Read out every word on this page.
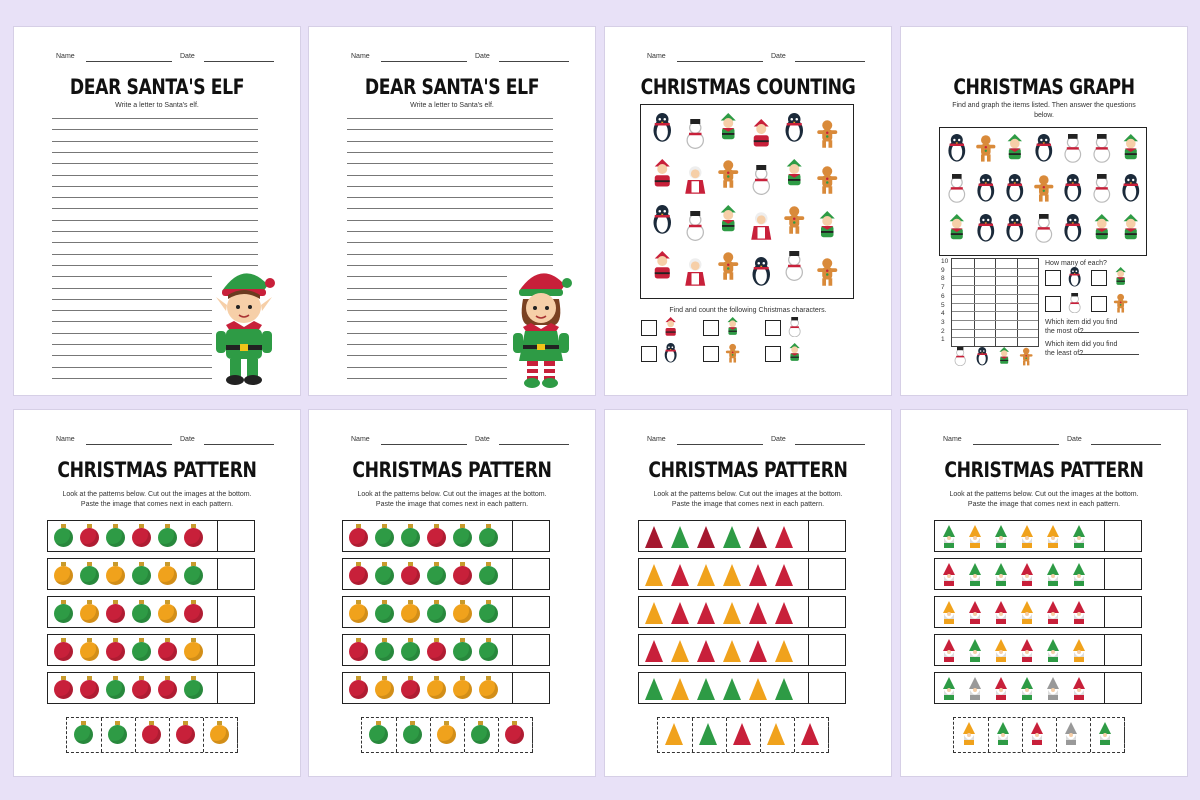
Name	Date
DEAR SANTA'S ELF
Write a letter to Santa's elf.
Name	Date
DEAR SANTA'S ELF
Write a letter to Santa's elf.
Name	Date
CHRISTMAS COUNTING
Find and count the following Christmas characters.
CHRISTMAS GRAPH
Find and graph the items listed. Then answer the questions below.
10
9
8
7
6
5
4
3
2
1
How many of each?
Which item did you find the most of?
Which item did you find the least of?
Name	Date
CHRISTMAS PATTERN
Look at the patterns below. Cut out the images at the bottom. Paste the image that comes next in each pattern.
Name	Date
CHRISTMAS PATTERN
Look at the patterns below. Cut out the images at the bottom. Paste the image that comes next in each pattern.
Name	Date
CHRISTMAS PATTERN
Look at the patterns below. Cut out the images at the bottom. Paste the image that comes next in each pattern.
Name	Date
CHRISTMAS PATTERN
Look at the patterns below. Cut out the images at the bottom. Paste the image that comes next in each pattern.
